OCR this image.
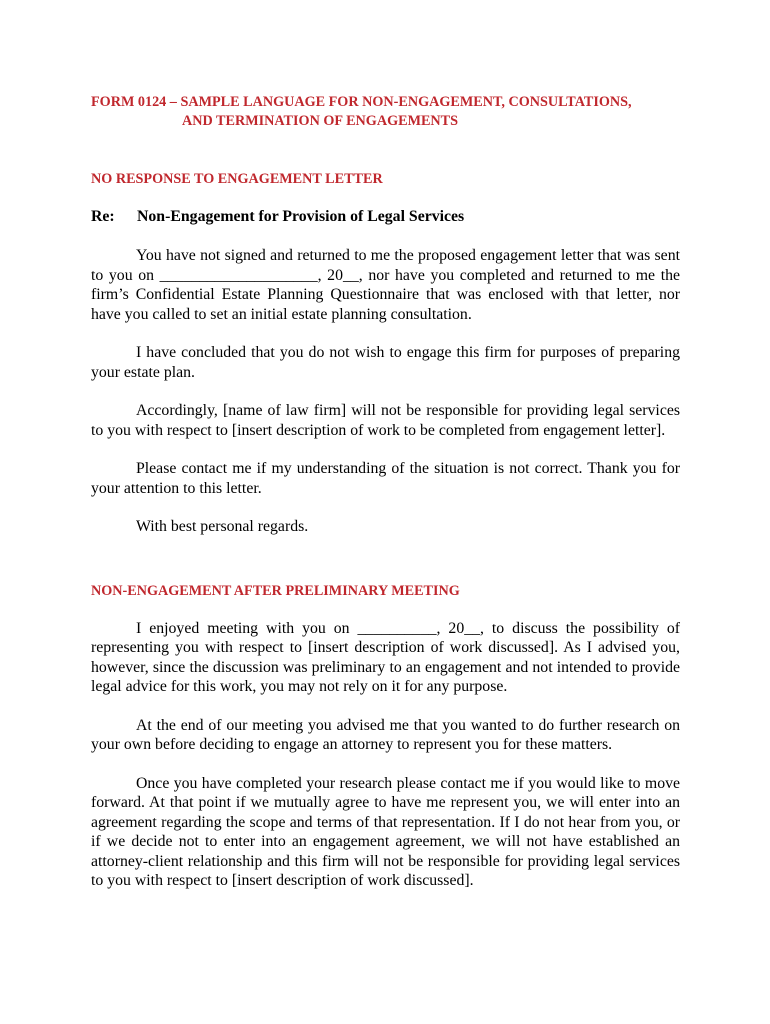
FORM 0124 – SAMPLE LANGUAGE FOR NON-ENGAGEMENT, CONSULTATIONS,
AND TERMINATION OF ENGAGEMENTS
NO RESPONSE TO ENGAGEMENT LETTER
Re:	Non-Engagement for Provision of Legal Services

You have not signed and returned to me the proposed engagement letter that was sent to you on ____________________, 20__, nor have you completed and returned to me the firm’s Confidential Estate Planning Questionnaire that was enclosed with that letter, nor have you called to set an initial estate planning consultation.

I have concluded that you do not wish to engage this firm for purposes of preparing your estate plan.

Accordingly, [name of law firm] will not be responsible for providing legal services to you with respect to [insert description of work to be completed from engagement letter].

Please contact me if my understanding of the situation is not correct. Thank you for your attention to this letter.

With best personal regards.

NON-ENGAGEMENT AFTER PRELIMINARY MEETING

I enjoyed meeting with you on __________, 20__, to discuss the possibility of representing you with respect to [insert description of work discussed]. As I advised you, however, since the discussion was preliminary to an engagement and not intended to provide legal advice for this work, you may not rely on it for any purpose.

At the end of our meeting you advised me that you wanted to do further research on your own before deciding to engage an attorney to represent you for these matters.

Once you have completed your research please contact me if you would like to move forward. At that point if we mutually agree to have me represent you, we will enter into an agreement regarding the scope and terms of that representation. If I do not hear from you, or if we decide not to enter into an engagement agreement, we will not have established an attorney-client relationship and this firm will not be responsible for providing legal services to you with respect to [insert description of work discussed].
